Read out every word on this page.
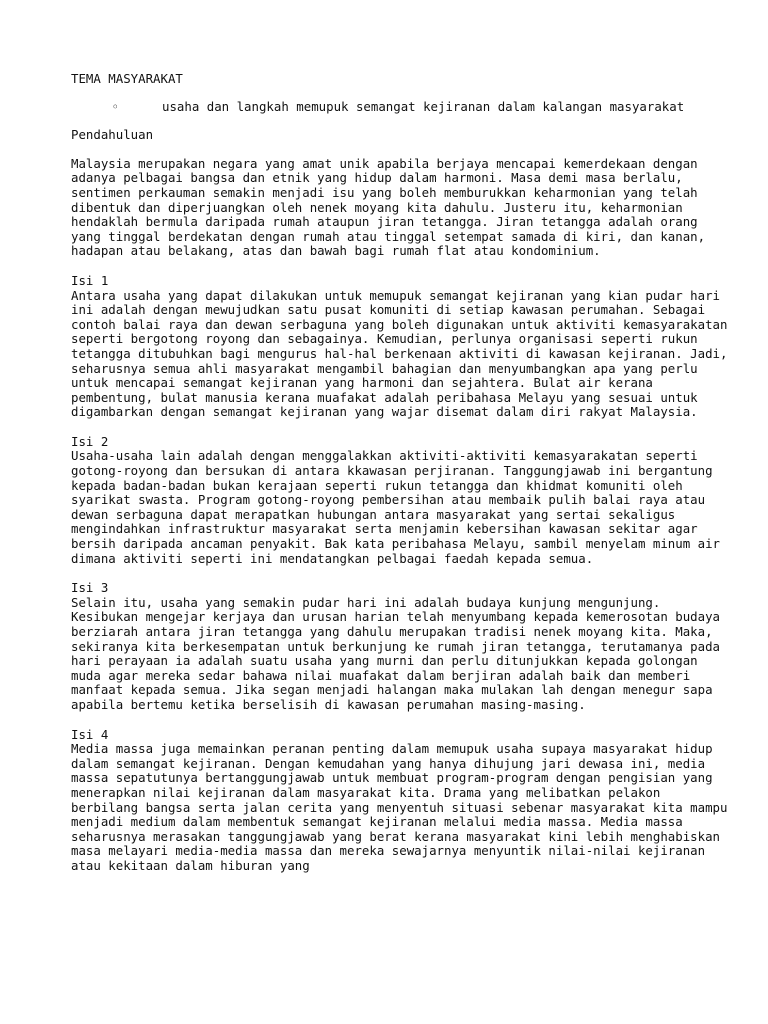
TEMA MASYARAKAT

◦	usaha dan langkah memupuk semangat kejiranan dalam kalangan masyarakat

Pendahuluan

Malaysia merupakan negara yang amat unik apabila berjaya mencapai kemerdekaan dengan adanya pelbagai bangsa dan etnik yang hidup dalam harmoni. Masa demi masa berlalu, sentimen perkauman semakin menjadi isu yang boleh memburukkan keharmonian yang telah dibentuk dan diperjuangkan oleh nenek moyang kita dahulu. Justeru itu, keharmonian hendaklah bermula daripada rumah ataupun jiran tetangga. Jiran tetangga adalah orang yang tinggal berdekatan dengan rumah atau tinggal setempat samada di kiri, dan kanan, hadapan atau belakang, atas dan bawah bagi rumah flat atau kondominium.

Isi 1
Antara usaha yang dapat dilakukan untuk memupuk semangat kejiranan yang kian pudar hari ini adalah dengan mewujudkan satu pusat komuniti di setiap kawasan perumahan. Sebagai contoh balai raya dan dewan serbaguna yang boleh digunakan untuk aktiviti kemasyarakatan seperti bergotong royong dan sebagainya. Kemudian, perlunya organisasi seperti rukun tetangga ditubuhkan bagi mengurus hal-hal berkenaan aktiviti di kawasan kejiranan. Jadi, seharusnya semua ahli masyarakat mengambil bahagian dan menyumbangkan apa yang perlu untuk mencapai semangat kejiranan yang harmoni dan sejahtera. Bulat air kerana pembentung, bulat manusia kerana muafakat adalah peribahasa Melayu yang sesuai untuk digambarkan dengan semangat kejiranan yang wajar disemat dalam diri rakyat Malaysia.
Isi 2
Usaha-usaha lain adalah dengan menggalakkan aktiviti-aktiviti kemasyarakatan seperti gotong-royong dan bersukan di antara kkawasan perjiranan. Tanggungjawab ini bergantung kepada badan-badan bukan kerajaan seperti rukun tetangga dan khidmat komuniti oleh syarikat swasta. Program gotong-royong pembersihan atau membaik pulih balai raya atau dewan serbaguna dapat merapatkan hubungan antara masyarakat yang sertai sekaligus mengindahkan infrastruktur masyarakat serta menjamin kebersihan kawasan sekitar agar bersih daripada ancaman penyakit. Bak kata peribahasa Melayu, sambil menyelam minum air dimana aktiviti seperti ini mendatangkan pelbagai faedah kepada semua.
Isi 3
Selain itu, usaha yang semakin pudar hari ini adalah budaya kunjung mengunjung. Kesibukan mengejar kerjaya dan urusan harian telah menyumbang kepada kemerosotan budaya berziarah antara jiran tetangga yang dahulu merupakan tradisi nenek moyang kita. Maka, sekiranya kita berkesempatan untuk berkunjung ke rumah jiran tetangga, terutamanya pada hari perayaan ia adalah suatu usaha yang murni dan perlu ditunjukkan kepada golongan muda agar mereka sedar bahawa nilai muafakat dalam berjiran adalah baik dan memberi manfaat kepada semua. Jika segan menjadi halangan maka mulakan lah dengan menegur sapa apabila bertemu ketika berselisih di kawasan perumahan masing-masing.
Isi 4
Media massa juga memainkan peranan penting dalam memupuk usaha supaya masyarakat hidup dalam semangat kejiranan. Dengan kemudahan yang hanya dihujung jari dewasa ini, media massa sepatutunya bertanggungjawab untuk membuat program-program dengan pengisian yang menerapkan nilai kejiranan dalam masyarakat kita. Drama yang melibatkan pelakon berbilang bangsa serta jalan cerita yang menyentuh situasi sebenar masyarakat kita mampu menjadi medium dalam membentuk semangat kejiranan melalui media massa. Media massa seharusnya merasakan tanggungjawab yang berat kerana masyarakat kini lebih menghabiskan masa melayari media-media massa dan mereka sewajarnya menyuntik nilai-nilai kejiranan atau kekitaan dalam hiburan yang
